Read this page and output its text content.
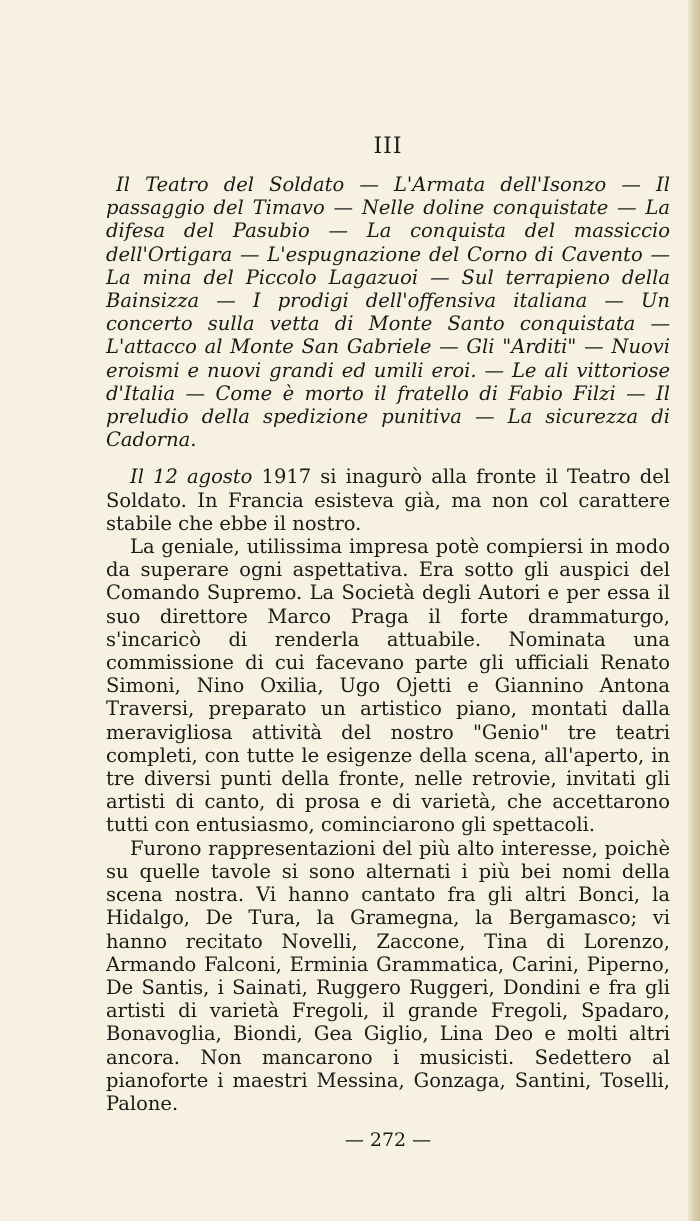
III

Il Teatro del Soldato — L'Armata dell'Isonzo — Il passaggio del Timavo — Nelle doline conquistate — La difesa del Pasubio — La conquista del massiccio dell'Ortigara — L'espugnazione del Corno di Cavento — La mina del Piccolo Lagazuoi — Sul terrapieno della Bainsizza — I prodigi dell'offensiva italiana — Un concerto sulla vetta di Monte Santo conquistata — L'attacco al Monte San Gabriele — Gli "Arditi" — Nuovi eroismi e nuovi grandi ed umili eroi. — Le ali vittoriose d'Italia — Come è morto il fratello di Fabio Filzi — Il preludio della spedizione punitiva — La sicurezza di Cadorna.

Il 12 agosto 1917 si inagurò alla fronte il Teatro del Soldato. In Francia esisteva già, ma non col carattere stabile che ebbe il nostro.

La geniale, utilissima impresa potè compiersi in modo da superare ogni aspettativa. Era sotto gli auspici del Comando Supremo. La Società degli Autori e per essa il suo direttore Marco Praga il forte drammaturgo, s'incaricò di renderla attuabile. Nominata una commissione di cui facevano parte gli ufficiali Renato Simoni, Nino Oxilia, Ugo Ojetti e Giannino Antona Traversi, preparato un artistico piano, montati dalla meravigliosa attività del nostro "Genio" tre teatri completi, con tutte le esigenze della scena, all'aperto, in tre diversi punti della fronte, nelle retrovie, invitati gli artisti di canto, di prosa e di varietà, che accettarono tutti con entusiasmo, cominciarono gli spettacoli.

Furono rappresentazioni del più alto interesse, poichè su quelle tavole si sono alternati i più bei nomi della scena nostra. Vi hanno cantato fra gli altri Bonci, la Hidalgo, De Tura, la Gramegna, la Bergamasco; vi hanno recitato Novelli, Zaccone, Tina di Lorenzo, Armando Falconi, Erminia Grammatica, Carini, Piperno, De Santis, i Sainati, Ruggero Ruggeri, Dondini e fra gli artisti di varietà Fregoli, il grande Fregoli, Spadaro, Bonavoglia, Biondi, Gea Giglio, Lina Deo e molti altri ancora. Non mancarono i musicisti. Sedettero al pianoforte i maestri Messina, Gonzaga, Santini, Toselli, Palone.

— 272 —
